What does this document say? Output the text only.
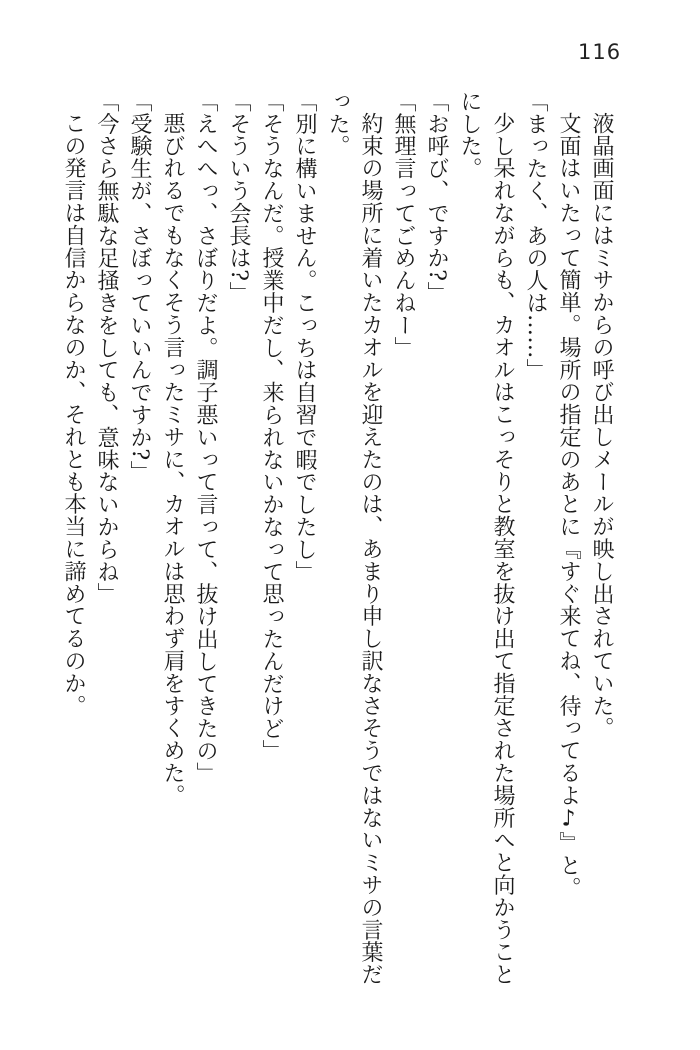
116

液晶画面にはミサからの呼び出しメールが映し出されていた。

文面はいたって簡単。場所の指定のあとに『すぐ来てね、待ってるよ♪』と。

「まったく、あの人は……」

少し呆れながらも、カオルはこっそりと教室を抜け出て指定された場所へと向かうことにした。

「お呼び、ですか?」

「無理言ってごめんねー」

約束の場所に着いたカオルを迎えたのは、あまり申し訳なさそうではないミサの言葉だった。

「別に構いません。こっちは自習で暇でしたし」

「そうなんだ。授業中だし、来られないかなって思ったんだけど」

「そういう会長は?」

「えへへっ、さぼりだよ。調子悪いって言って、抜け出してきたの」

悪びれるでもなくそう言ったミサに、カオルは思わず肩をすくめた。

「受験生が、さぼっていいんですか?」

「今さら無駄な足掻きをしても、意味ないからね」

この発言は自信からなのか、それとも本当に諦めてるのか。
